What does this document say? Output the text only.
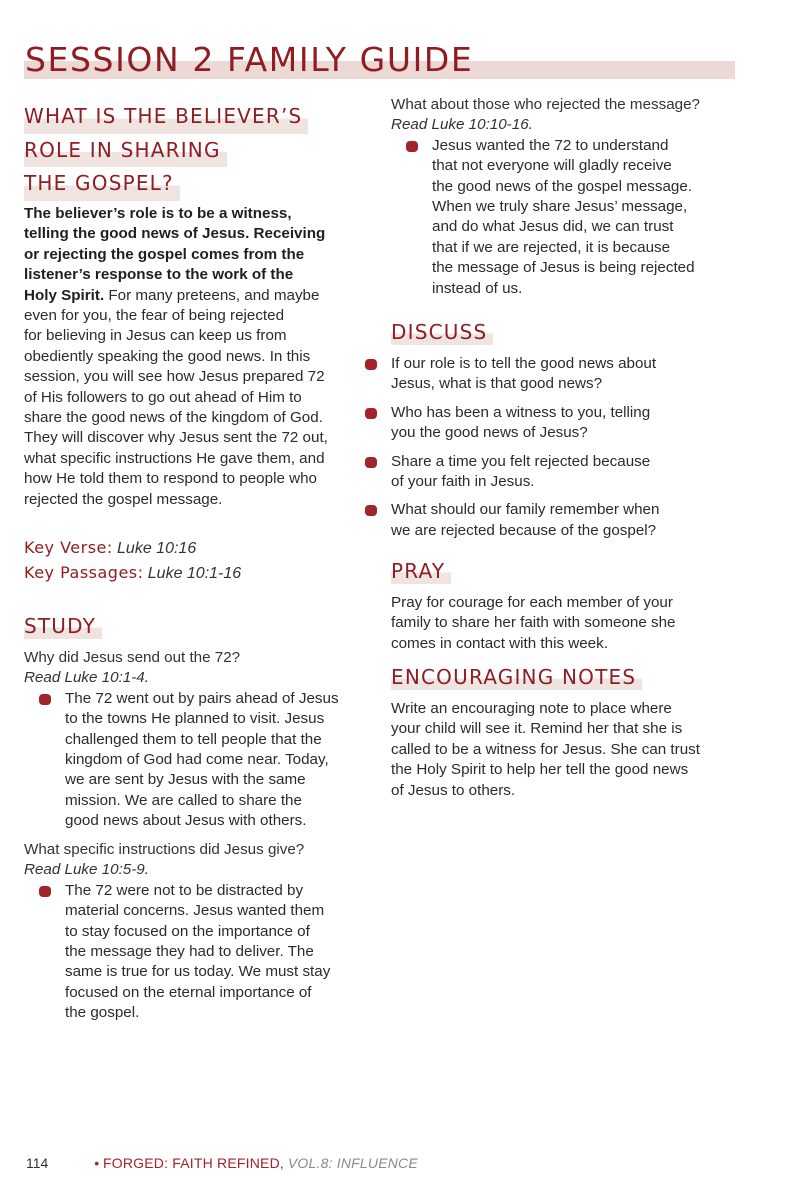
SESSION 2 FAMILY GUIDE
WHAT IS THE BELIEVER’S
ROLE IN SHARING
THE GOSPEL?
The believer’s role is to be a witness,
telling the good news of Jesus. Receiving
or rejecting the gospel comes from the
listener’s response to the work of the
Holy Spirit. For many preteens, and maybe
even for you, the fear of being rejected
for believing in Jesus can keep us from
obediently speaking the good news. In this
session, you will see how Jesus prepared 72
of His followers to go out ahead of Him to
share the good news of the kingdom of God.
They will discover why Jesus sent the 72 out,
what specific instructions He gave them, and
how He told them to respond to people who
rejected the gospel message.
Key Verse: Luke 10:16
Key Passages: Luke 10:1-16
STUDY
Why did Jesus send out the 72?
Read Luke 10:1-4.
The 72 went out by pairs ahead of Jesus
to the towns He planned to visit. Jesus
challenged them to tell people that the
kingdom of God had come near. Today,
we are sent by Jesus with the same
mission. We are called to share the
good news about Jesus with others.
What specific instructions did Jesus give?
Read Luke 10:5-9.
The 72 were not to be distracted by
material concerns. Jesus wanted them
to stay focused on the importance of
the message they had to deliver. The
same is true for us today. We must stay
focused on the eternal importance of
the gospel.
What about those who rejected the message?
Read Luke 10:10-16.
Jesus wanted the 72 to understand
that not everyone will gladly receive
the good news of the gospel message.
When we truly share Jesus’ message,
and do what Jesus did, we can trust
that if we are rejected, it is because
the message of Jesus is being rejected
instead of us.
DISCUSS
If our role is to tell the good news about
Jesus, what is that good news?
Who has been a witness to you, telling
you the good news of Jesus?
Share a time you felt rejected because
of your faith in Jesus.
What should our family remember when
we are rejected because of the gospel?
PRAY
Pray for courage for each member of your
family to share her faith with someone she
comes in contact with this week.
ENCOURAGING NOTES
Write an encouraging note to place where
your child will see it. Remind her that she is
called to be a witness for Jesus. She can trust
the Holy Spirit to help her tell the good news
of Jesus to others.
114	• FORGED: FAITH REFINED, VOL.8: INFLUENCE
